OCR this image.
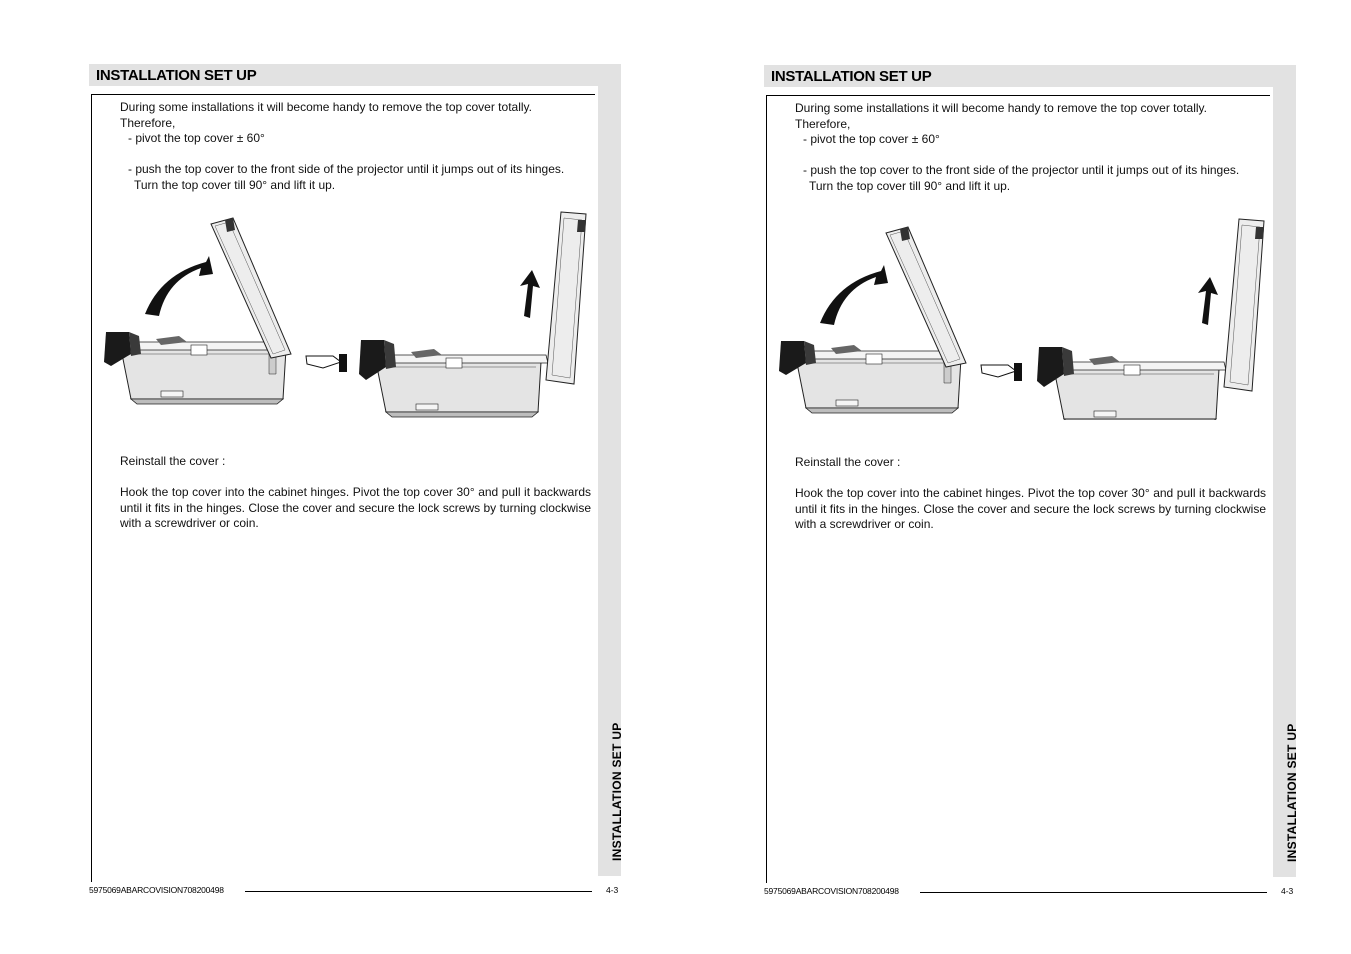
INSTALLATION SET UP
INSTALLATION SET UP
During some installations it will become handy to remove the top cover totally.
Therefore,
- pivot the top cover ± 60°
- push the top cover to the front side of the projector until it jumps out of its hinges.
Turn the top cover till 90° and lift it up.
Reinstall the cover :
Hook the top cover into the cabinet hinges. Pivot the top cover 30° and pull it backwards until it fits in the hinges. Close the cover and secure the lock screws by turning clockwise with a screwdriver or coin.
5975069ABARCOVISION708200498	4-3
INSTALLATION SET UP
INSTALLATION SET UP
During some installations it will become handy to remove the top cover totally.
Therefore,
- pivot the top cover ± 60°
- push the top cover to the front side of the projector until it jumps out of its hinges.
Turn the top cover till 90° and lift it up.
Reinstall the cover :
Hook the top cover into the cabinet hinges. Pivot the top cover 30° and pull it backwards until it fits in the hinges. Close the cover and secure the lock screws by turning clockwise with a screwdriver or coin.
5975069ABARCOVISION708200498	4-3
